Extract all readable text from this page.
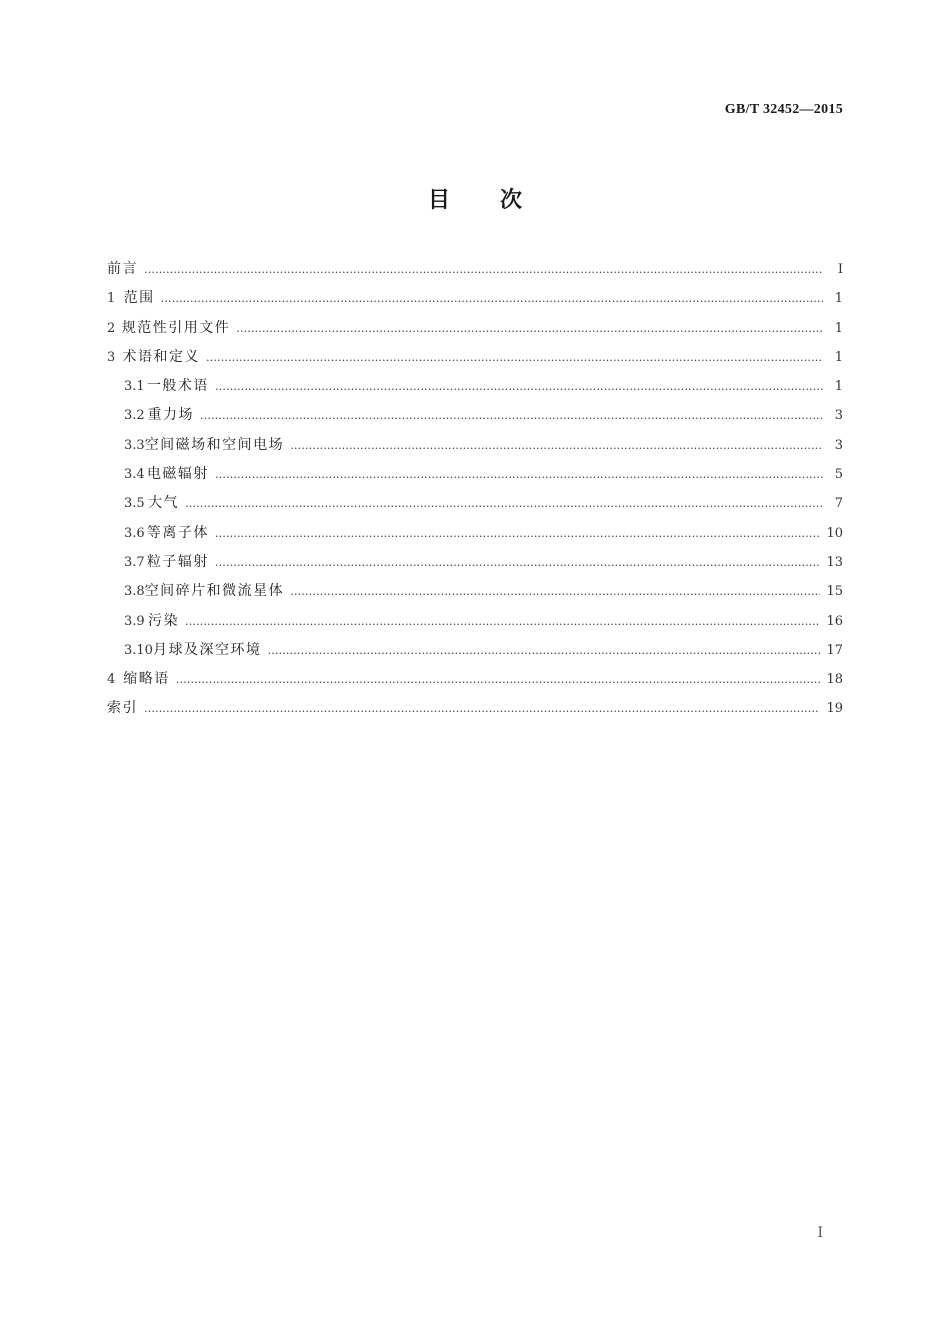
GB/T 32452—2015
目次
前言 …………………………………………………………………………………………………………………………………………………………………………………………………………………………………………………………	Ⅰ
1 范围 …………………………………………………………………………………………………………………………………………………………………………………………………………………………………………………………	1
2 规范性引用文件 …………………………………………………………………………………………………………………………………………………………………………………………………………………………………………………………	1
3 术语和定义 …………………………………………………………………………………………………………………………………………………………………………………………………………………………………………………………	1
3.1 一般术语 …………………………………………………………………………………………………………………………………………………………………………………………………………………………………………………………	1
3.2 重力场 …………………………………………………………………………………………………………………………………………………………………………………………………………………………………………………………	3
3.3 空间磁场和空间电场 …………………………………………………………………………………………………………………………………………………………………………………………………………………………………………………………	3
3.4 电磁辐射 …………………………………………………………………………………………………………………………………………………………………………………………………………………………………………………………	5
3.5 大气 …………………………………………………………………………………………………………………………………………………………………………………………………………………………………………………………	7
3.6 等离子体 …………………………………………………………………………………………………………………………………………………………………………………………………………………………………………………………	10
3.7 粒子辐射 …………………………………………………………………………………………………………………………………………………………………………………………………………………………………………………………	13
3.8 空间碎片和微流星体 …………………………………………………………………………………………………………………………………………………………………………………………………………………………………………………………	15
3.9 污染 …………………………………………………………………………………………………………………………………………………………………………………………………………………………………………………………	16
3.10 月球及深空环境 …………………………………………………………………………………………………………………………………………………………………………………………………………………………………………………………	17
4 缩略语 …………………………………………………………………………………………………………………………………………………………………………………………………………………………………………………………	18
索引 …………………………………………………………………………………………………………………………………………………………………………………………………………………………………………………………	19
Ⅰ
